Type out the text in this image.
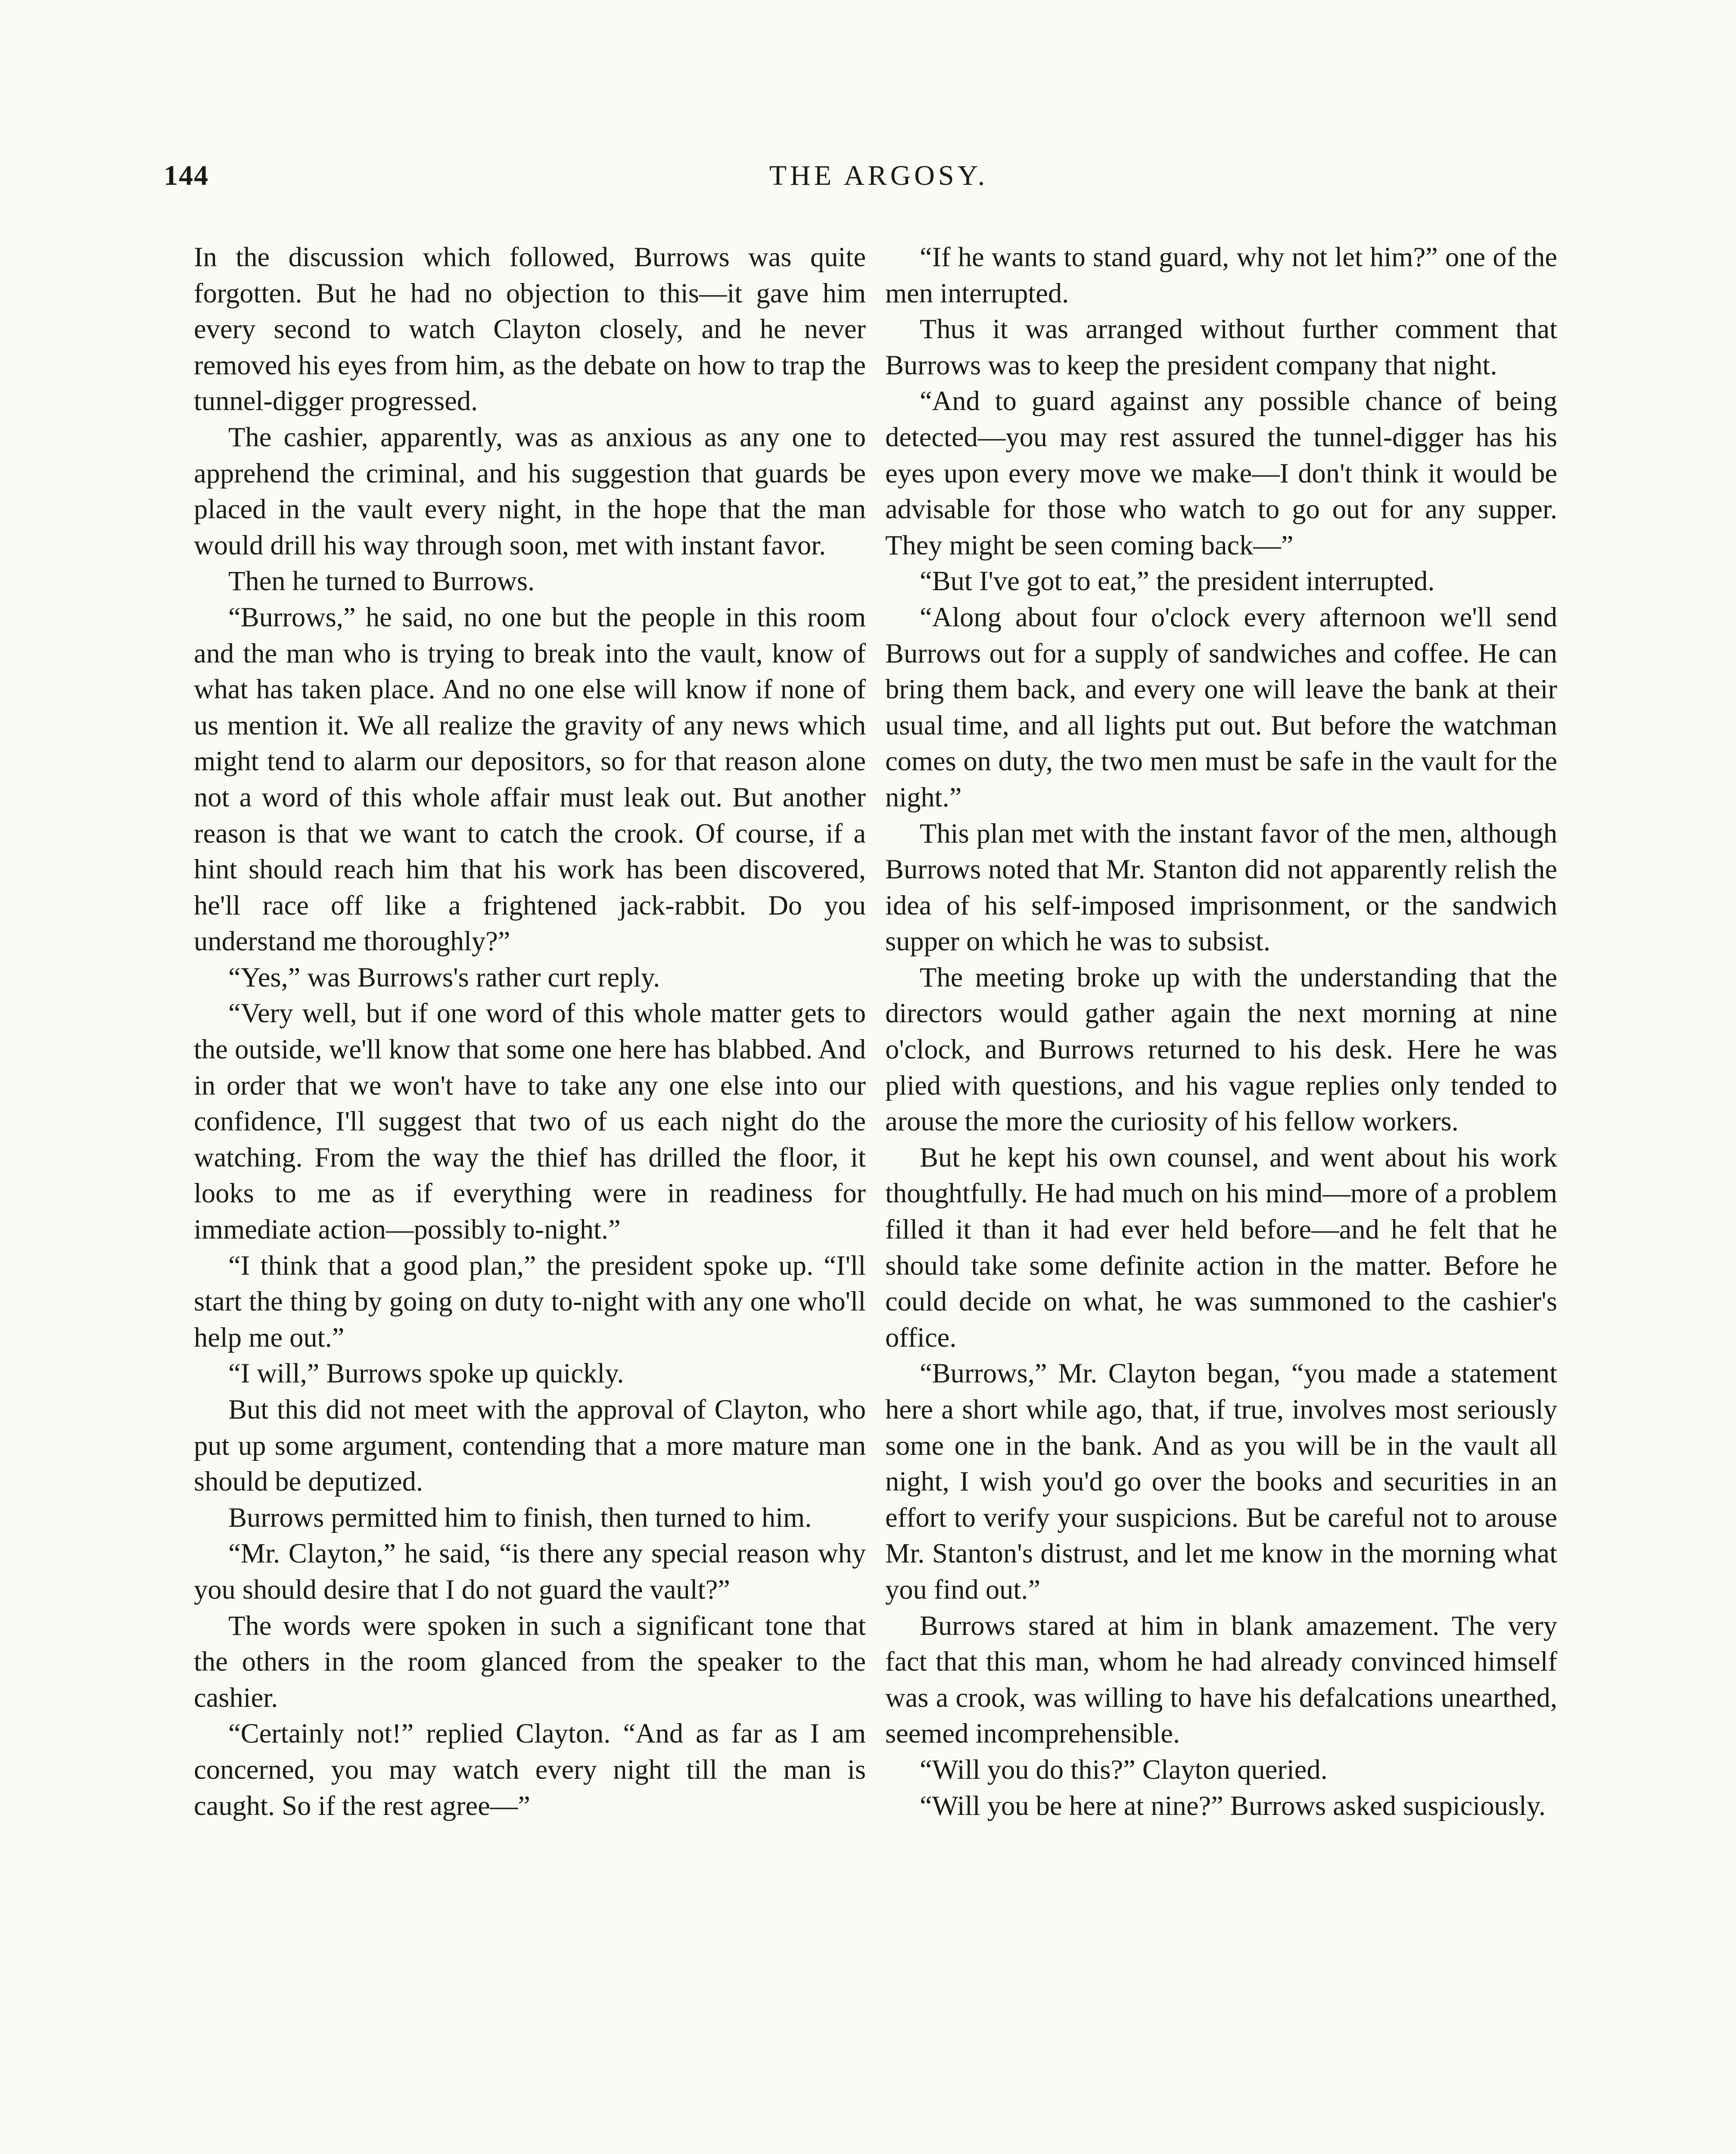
144	THE ARGOSY.

In the discussion which followed, Burrows was quite forgotten. But he had no objection to this—it gave him every second to watch Clayton closely, and he never removed his eyes from him, as the debate on how to trap the tunnel-digger progressed.

The cashier, apparently, was as anxious as any one to apprehend the criminal, and his suggestion that guards be placed in the vault every night, in the hope that the man would drill his way through soon, met with instant favor.

Then he turned to Burrows.

“Burrows,” he said, no one but the people in this room and the man who is trying to break into the vault, know of what has taken place. And no one else will know if none of us mention it. We all realize the gravity of any news which might tend to alarm our depositors, so for that reason alone not a word of this whole affair must leak out. But another reason is that we want to catch the crook. Of course, if a hint should reach him that his work has been discovered, he'll race off like a frightened jack-rabbit. Do you understand me thoroughly?”

“Yes,” was Burrows's rather curt reply.

“Very well, but if one word of this whole matter gets to the outside, we'll know that some one here has blabbed. And in order that we won't have to take any one else into our confidence, I'll suggest that two of us each night do the watching. From the way the thief has drilled the floor, it looks to me as if everything were in readiness for immediate action—possibly to-night.”

“I think that a good plan,” the president spoke up. “I'll start the thing by going on duty to-night with any one who'll help me out.”

“I will,” Burrows spoke up quickly.

But this did not meet with the approval of Clayton, who put up some argument, contending that a more mature man should be deputized.

Burrows permitted him to finish, then turned to him.

“Mr. Clayton,” he said, “is there any special reason why you should desire that I do not guard the vault?”

The words were spoken in such a significant tone that the others in the room glanced from the speaker to the cashier.

“Certainly not!” replied Clayton. “And as far as I am concerned, you may watch every night till the man is caught. So if the rest agree—”

“If he wants to stand guard, why not let him?” one of the men interrupted.

Thus it was arranged without further comment that Burrows was to keep the president company that night.

“And to guard against any possible chance of being detected—you may rest assured the tunnel-digger has his eyes upon every move we make—I don't think it would be advisable for those who watch to go out for any supper. They might be seen coming back—”

“But I've got to eat,” the president interrupted.

“Along about four o'clock every afternoon we'll send Burrows out for a supply of sandwiches and coffee. He can bring them back, and every one will leave the bank at their usual time, and all lights put out. But before the watchman comes on duty, the two men must be safe in the vault for the night.”

This plan met with the instant favor of the men, although Burrows noted that Mr. Stanton did not apparently relish the idea of his self-imposed imprisonment, or the sandwich supper on which he was to subsist.

The meeting broke up with the understanding that the directors would gather again the next morning at nine o'clock, and Burrows returned to his desk. Here he was plied with questions, and his vague replies only tended to arouse the more the curiosity of his fellow workers.

But he kept his own counsel, and went about his work thoughtfully. He had much on his mind—more of a problem filled it than it had ever held before—and he felt that he should take some definite action in the matter. Before he could decide on what, he was summoned to the cashier's office.

“Burrows,” Mr. Clayton began, “you made a statement here a short while ago, that, if true, involves most seriously some one in the bank. And as you will be in the vault all night, I wish you'd go over the books and securities in an effort to verify your suspicions. But be careful not to arouse Mr. Stanton's distrust, and let me know in the morning what you find out.”

Burrows stared at him in blank amazement. The very fact that this man, whom he had already convinced himself was a crook, was willing to have his defalcations unearthed, seemed incomprehensible.

“Will you do this?” Clayton queried.

“Will you be here at nine?” Burrows asked suspiciously.
